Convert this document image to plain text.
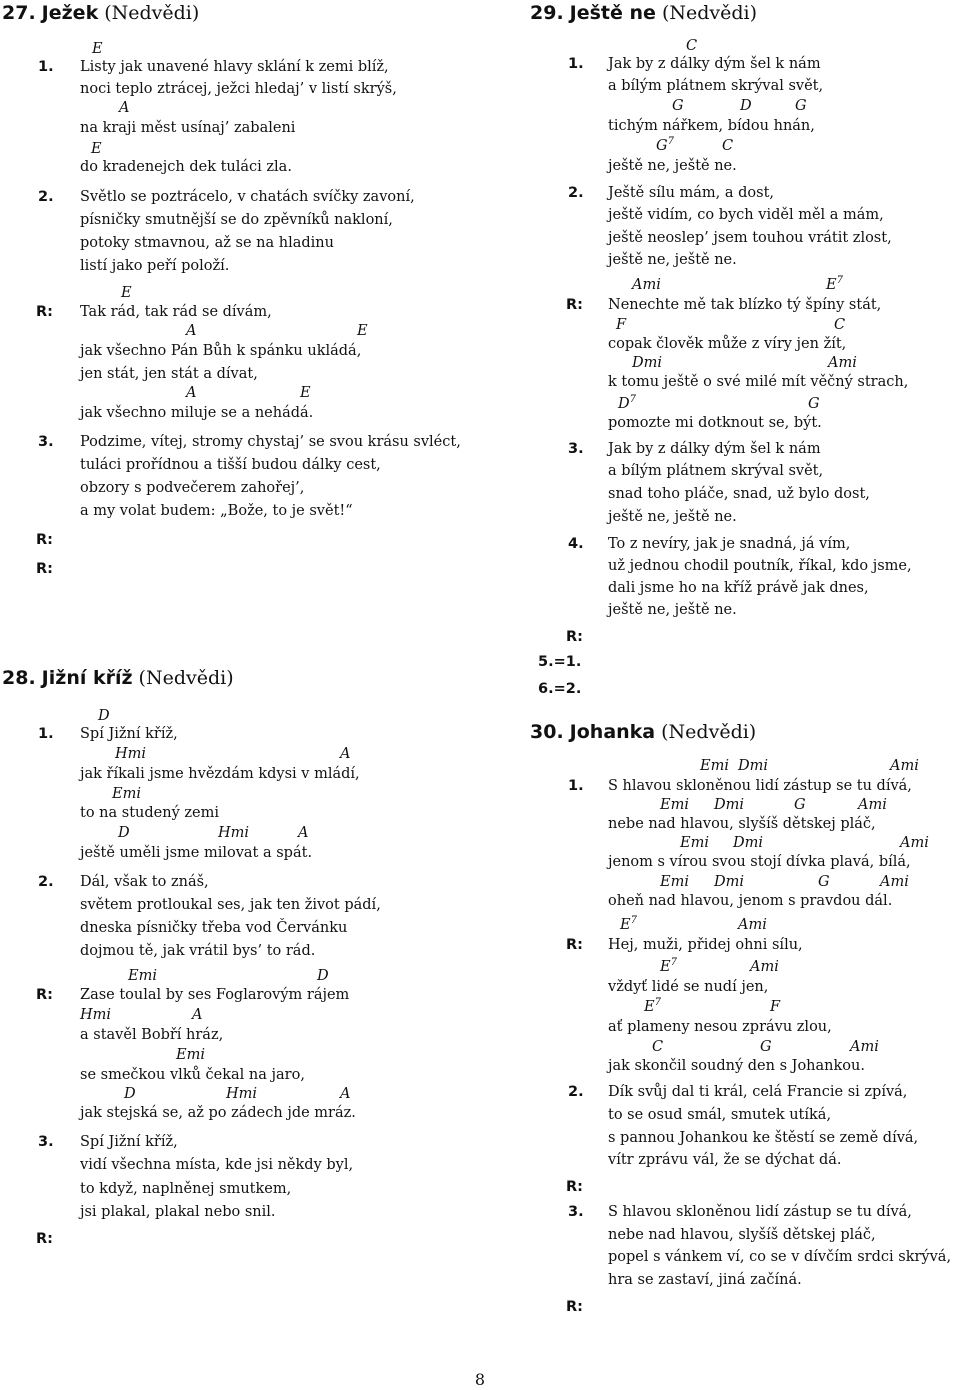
27. Ježek (Nedvědi)
E
1. Listy jak unavené hlavy sklání k zemi blíž,
noci teplo ztrácej, ježci hledaj’ v listí skrýš,
A
na kraji měst usínaj’ zabaleni
E
do kradenejch dek tuláci zla.
2. Světlo se poztrácelo, v chatách svíčky zavoní,
písničky smutnější se do zpěvníků nakloní,
potoky stmavnou, až se na hladinu
listí jako peří položí.
E
R: Tak rád, tak rád se dívám,
A	E
jak všechno Pán Bůh k spánku ukládá,
jen stát, jen stát a dívat,
A	E
jak všechno miluje se a nehádá.
3. Podzime, vítej, stromy chystaj’ se svou krásu svléct,
tuláci prořídnou a tišší budou dálky cest,
obzory s podvečerem zahořej’,
a my volat budem: „Bože, to je svět!“
R:
R:
28. Jižní kříž (Nedvědi)
D
1. Spí Jižní kříž,
Hmi	A
jak říkali jsme hvězdám kdysi v mládí,
Emi
to na studený zemi
D	Hmi	A
ještě uměli jsme milovat a spát.
2. Dál, však to znáš,
světem protloukal ses, jak ten život pádí,
dneska písničky třeba vod Červánku
dojmou tě, jak vrátil bys’ to rád.
Emi	D
R: Zase toulal by ses Foglarovým rájem
Hmi	A
a stavěl Bobří hráz,
Emi
se smečkou vlků čekal na jaro,
D	Hmi	A
jak stejská se, až po zádech jde mráz.
3. Spí Jižní kříž,
vidí všechna místa, kde jsi někdy byl,
to když, naplněnej smutkem,
jsi plakal, plakal nebo snil.
R:
29. Ještě ne (Nedvědi)
C
1. Jak by z dálky dým šel k nám
a bílým plátnem skrýval svět,
G	D	G
tichým nářkem, bídou hnán,
$G^7$	C
ještě ne, ještě ne.
2. Ještě sílu mám, a dost,
ještě vidím, co bych viděl měl a mám,
ještě neoslep’ jsem touhou vrátit zlost,
ještě ne, ještě ne.
Ami	$E^7$
R: Nenechte mě tak blízko tý špíny stát,
F	C
copak člověk může z víry jen žít,
Dmi	Ami
k tomu ještě o své milé mít věčný strach,
$D^7$	G
pomozte mi dotknout se, být.
3. Jak by z dálky dým šel k nám
a bílým plátnem skrýval svět,
snad toho pláče, snad, už bylo dost,
ještě ne, ještě ne.
4. To z nevíry, jak je snadná, já vím,
už jednou chodil poutník, říkal, kdo jsme,
dali jsme ho na kříž právě jak dnes,
ještě ne, ještě ne.
R:
5.=1.
6.=2.
30. Johanka (Nedvědi)
Emi Dmi	Ami
1. S hlavou skloněnou lidí zástup se tu dívá,
Emi Dmi	G	Ami
nebe nad hlavou, slyšíš dětskej pláč,
Emi Dmi	Ami
jenom s vírou svou stojí dívka plavá, bílá,
Emi Dmi	G	Ami
oheň nad hlavou, jenom s pravdou dál.
$E^7$	Ami
R: Hej, muži, přidej ohni sílu,
$E^7$	Ami
vždyť lidé se nudí jen,
$E^7$	F
ať plameny nesou zprávu zlou,
C	G	Ami
jak skončil soudný den s Johankou.
2. Dík svůj dal ti král, celá Francie si zpívá,
to se osud smál, smutek utíká,
s pannou Johankou ke štěstí se země dívá,
vítr zprávu vál, že se dýchat dá.
R:
3. S hlavou skloněnou lidí zástup se tu dívá,
nebe nad hlavou, slyšíš dětskej pláč,
popel s vánkem ví, co se v dívčím srdci skrývá,
hra se zastaví, jiná začíná.
R:
8
